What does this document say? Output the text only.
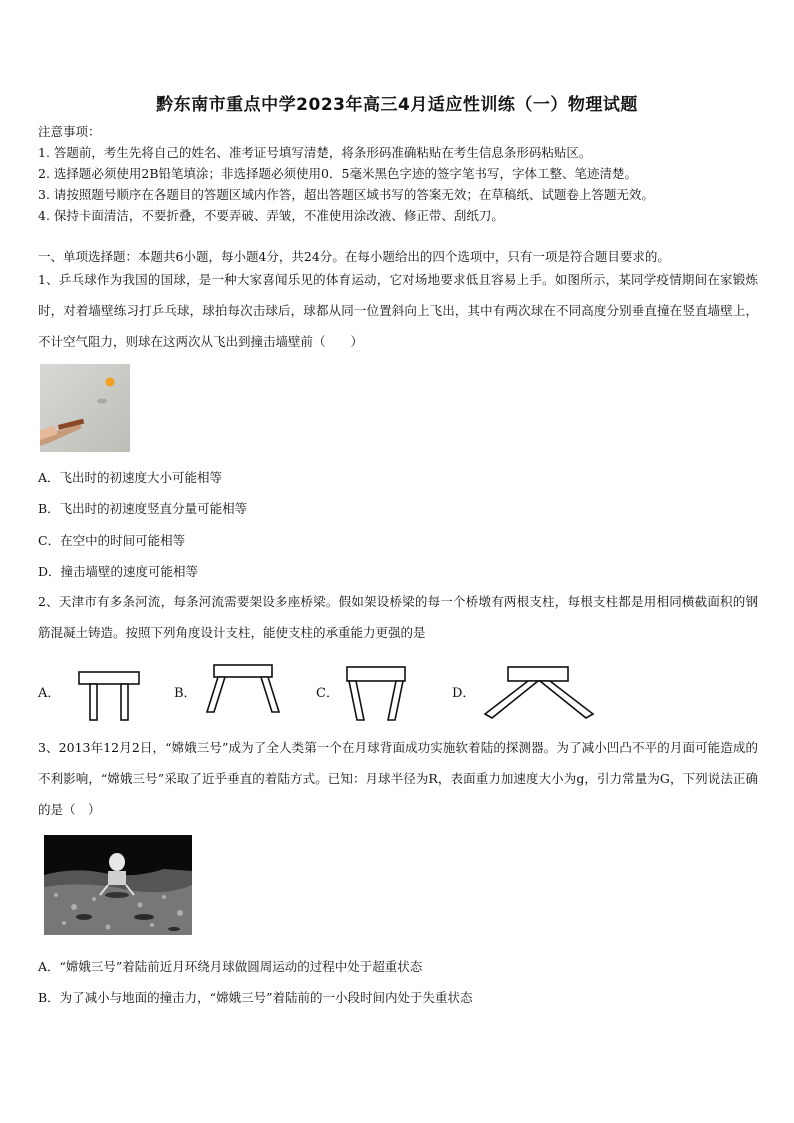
黔东南市重点中学2023年高三4月适应性训练（一）物理试题
注意事项：
1. 答题前，考生先将自己的姓名、准考证号填写清楚，将条形码准确粘贴在考生信息条形码粘贴区。
2. 选择题必须使用2B铅笔填涂；非选择题必须使用0．5毫米黑色字迹的签字笔书写，字体工整、笔迹清楚。
3. 请按照题号顺序在各题目的答题区域内作答，超出答题区域书写的答案无效；在草稿纸、试题卷上答题无效。
4. 保持卡面清洁，不要折叠，不要弄破、弄皱，不准使用涂改液、修正带、刮纸刀。
一、单项选择题：本题共6小题，每小题4分，共24分。在每小题给出的四个选项中，只有一项是符合题目要求的。
1、乒乓球作为我国的国球，是一种大家喜闻乐见的体育运动，它对场地要求低且容易上手。如图所示，某同学疫情期间在家锻炼时，对着墙壁练习打乒乓球，球拍每次击球后，球都从同一位置斜向上飞出，其中有两次球在不同高度分别垂直撞在竖直墙壁上，不计空气阻力，则球在这两次从飞出到撞击墙壁前（　　）
A．飞出时的初速度大小可能相等
B．飞出时的初速度竖直分量可能相等
C．在空中的时间可能相等
D．撞击墙壁的速度可能相等
2、天津市有多条河流，每条河流需要架设多座桥梁。假如架设桥梁的每一个桥墩有两根支柱，每根支柱都是用相同横截面积的钢筋混凝土铸造。按照下列角度设计支柱，能使支柱的承重能力更强的是
A．	B．	C．	D．
3、2013年12月2日，“嫦娥三号”成为了全人类第一个在月球背面成功实施软着陆的探测器。为了减小凹凸不平的月面可能造成的不利影响，“嫦娥三号”采取了近乎垂直的着陆方式。已知：月球半径为R，表面重力加速度大小为g，引力常量为G，下列说法正确的是（　）
A．“嫦娥三号”着陆前近月环绕月球做圆周运动的过程中处于超重状态
B．为了减小与地面的撞击力，“嫦娥三号”着陆前的一小段时间内处于失重状态
